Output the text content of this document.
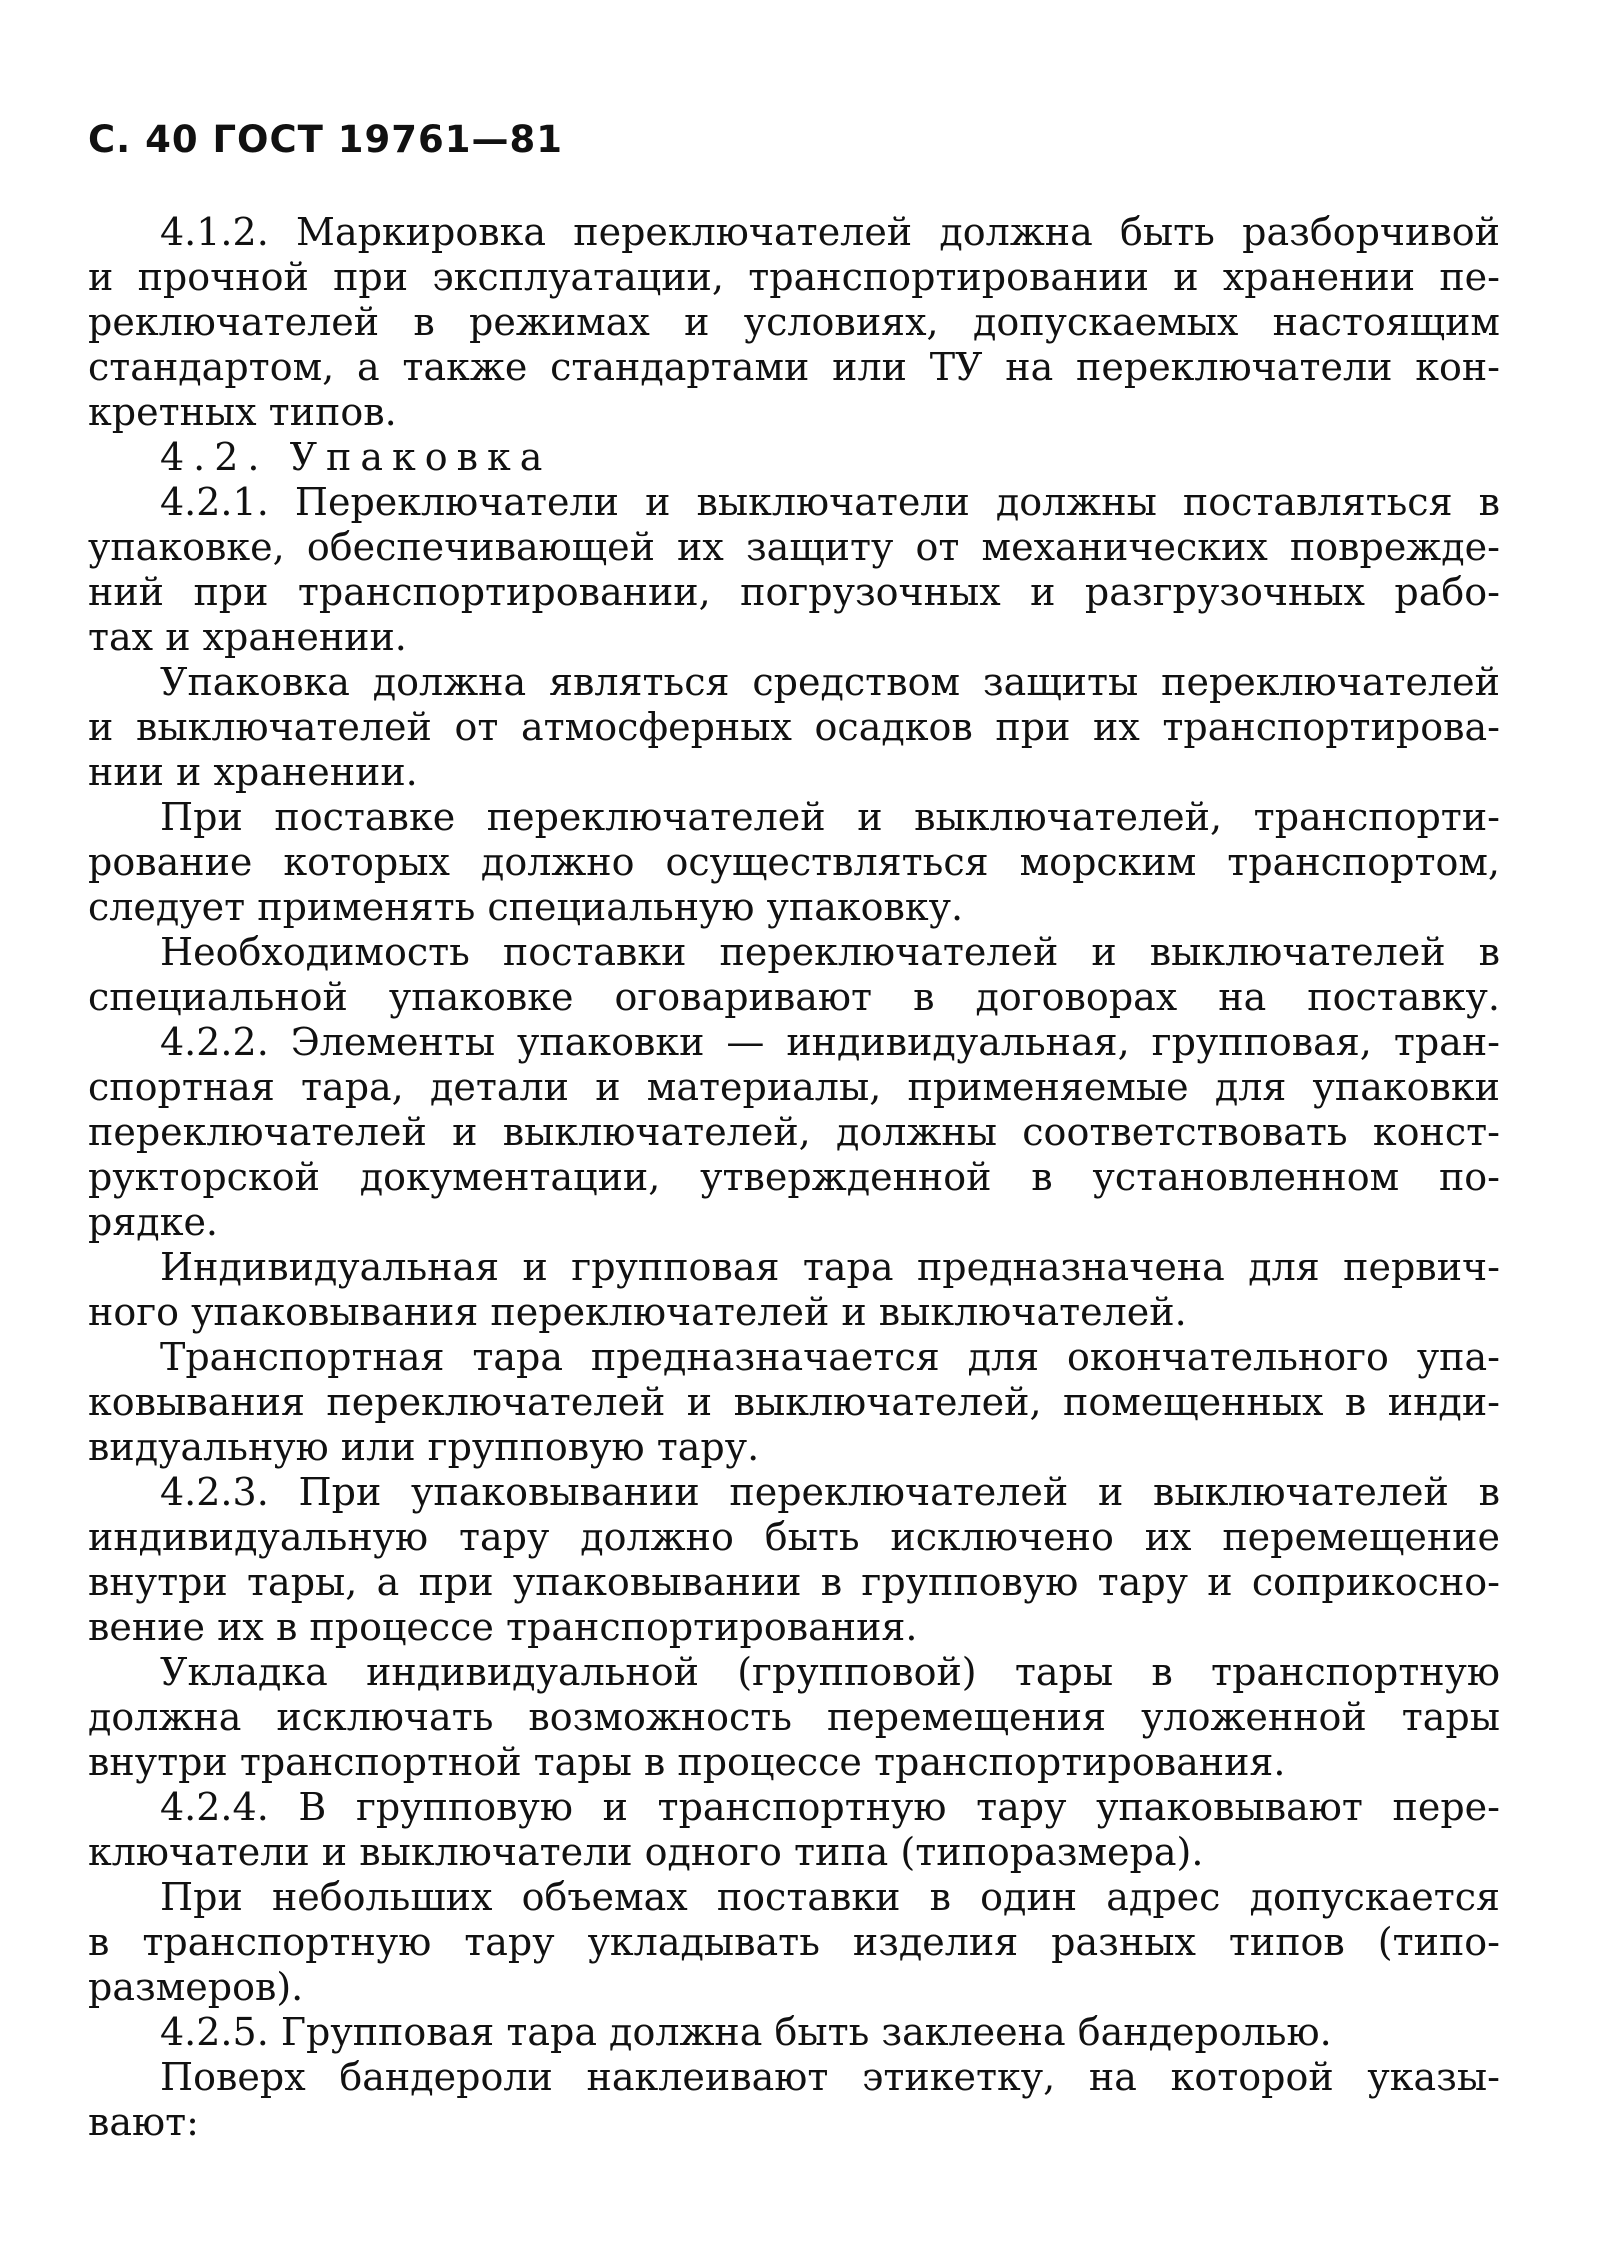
С. 40 ГОСТ 19761—81
4.1.2. Маркировка переключателей должна быть разборчивой
и прочной при эксплуатации, транспортировании и хранении пе-
реключателей в режимах и условиях, допускаемых настоящим
стандартом, а также стандартами или ТУ на переключатели кон-
кретных типов.
4.2. Упаковка
4.2.1. Переключатели и выключатели должны поставляться в
упаковке, обеспечивающей их защиту от механических поврежде-
ний при транспортировании, погрузочных и разгрузочных рабо-
тах и хранении.
Упаковка должна являться средством защиты переключателей
и выключателей от атмосферных осадков при их транспортирова-
нии и хранении.
При поставке переключателей и выключателей, транспорти-
рование которых должно осуществляться морским транспортом,
следует применять специальную упаковку.
Необходимость поставки переключателей и выключателей в
специальной упаковке оговаривают в договорах на поставку.
4.2.2. Элементы упаковки — индивидуальная, групповая, тран-
спортная тара, детали и материалы, применяемые для упаковки
переключателей и выключателей, должны соответствовать конст-
рукторской документации, утвержденной в установленном по-
рядке.
Индивидуальная и групповая тара предназначена для первич-
ного упаковывания переключателей и выключателей.
Транспортная тара предназначается для окончательного упа-
ковывания переключателей и выключателей, помещенных в инди-
видуальную или групповую тару.
4.2.3. При упаковывании переключателей и выключателей в
индивидуальную тару должно быть исключено их перемещение
внутри тары, а при упаковывании в групповую тару и соприкосно-
вение их в процессе транспортирования.
Укладка индивидуальной (групповой) тары в транспортную
должна исключать возможность перемещения уложенной тары
внутри транспортной тары в процессе транспортирования.
4.2.4. В групповую и транспортную тару упаковывают пере-
ключатели и выключатели одного типа (типоразмера).
При небольших объемах поставки в один адрес допускается
в транспортную тару укладывать изделия разных типов (типо-
размеров).
4.2.5. Групповая тара должна быть заклеена бандеролью.
Поверх бандероли наклеивают этикетку, на которой указы-
вают:
